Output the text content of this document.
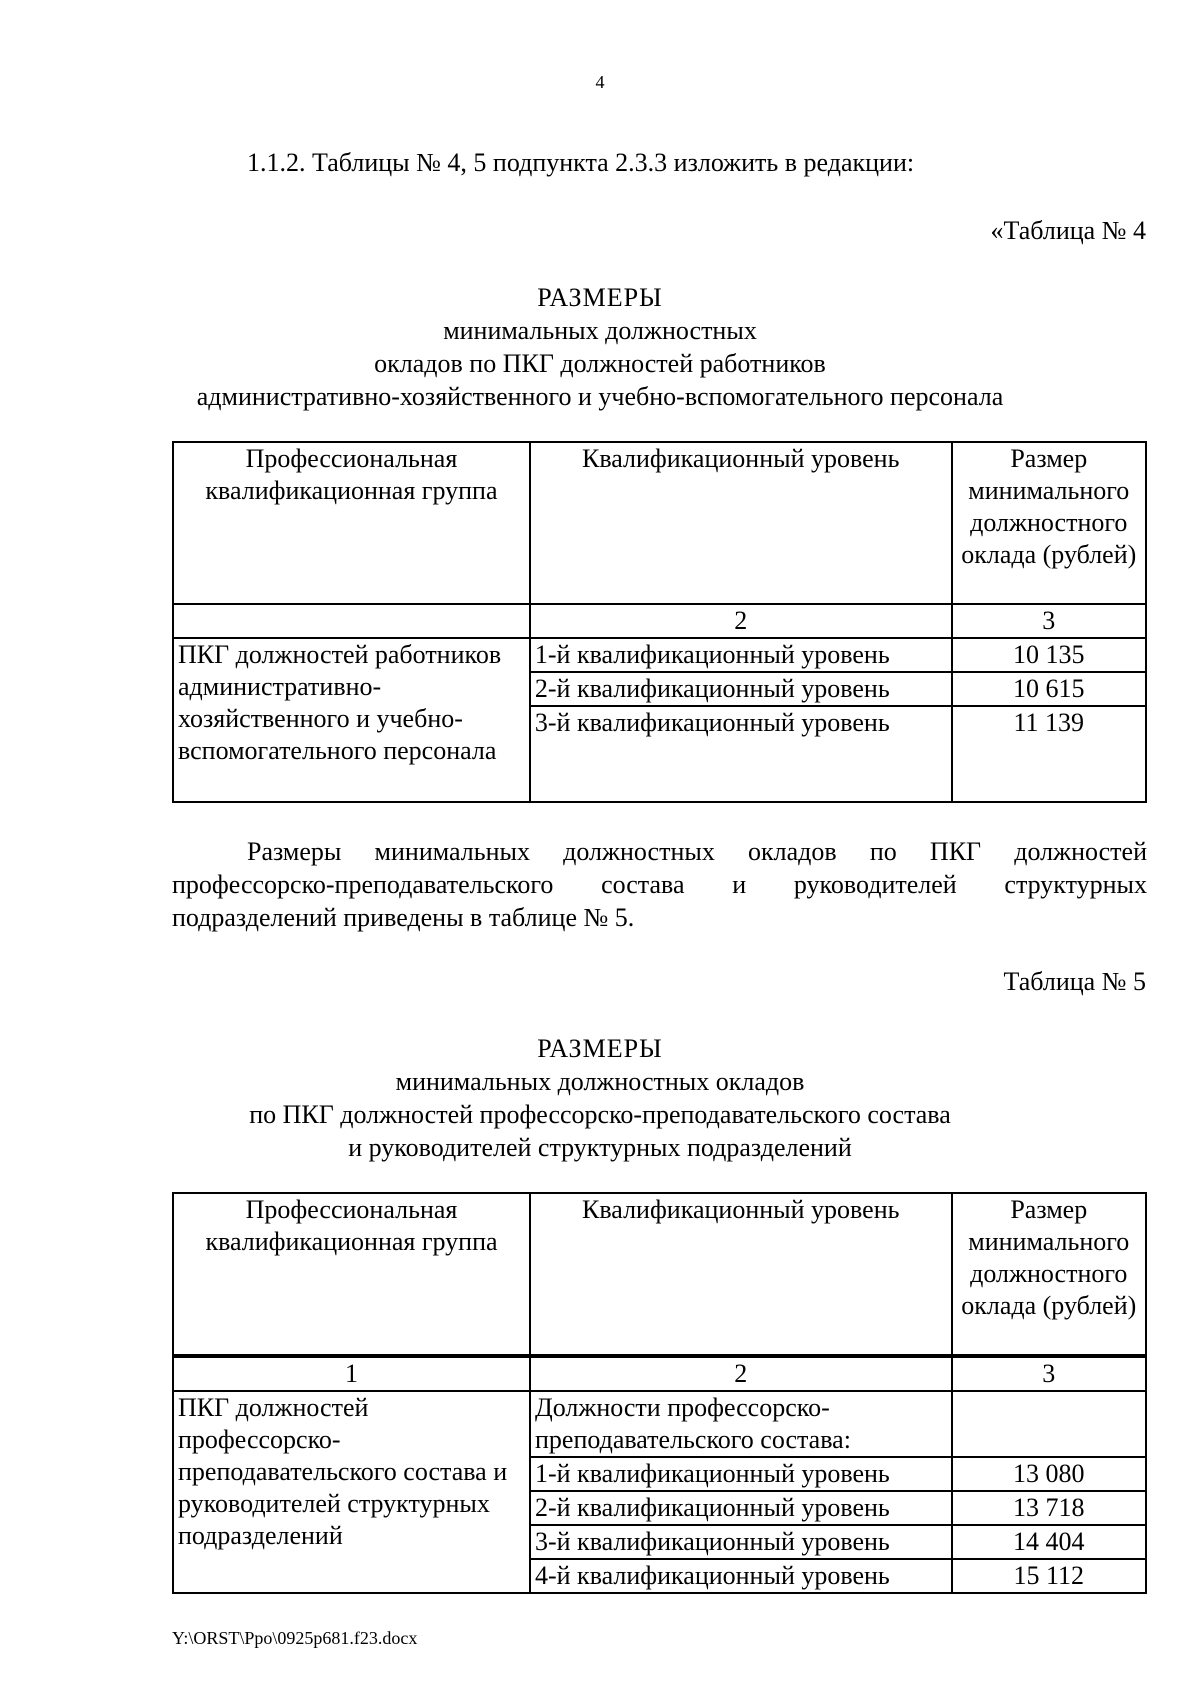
4
1.1.2. Таблицы № 4, 5 подпункта 2.3.3 изложить в редакции:
«Таблица № 4
РАЗМЕРЫ
минимальных должностных
окладов по ПКГ должностей работников
административно-хозяйственного и учебно-вспомогательного персонала
Профессиональная квалификационная группа	Квалификационный уровень	Размер минимального должностного оклада (рублей)
	2	3
ПКГ должностей работников административно-хозяйственного и учебно-вспомогательного персонала	1-й квалификационный уровень	10 135
	2-й квалификационный уровень	10 615
	3-й квалификационный уровень	11 139
Размеры минимальных должностных окладов по ПКГ должностей профессорско-преподавательского состава и руководителей структурных подразделений приведены в таблице № 5.
Таблица № 5
РАЗМЕРЫ
минимальных должностных окладов
по ПКГ должностей профессорско-преподавательского состава
и руководителей структурных подразделений
Профессиональная квалификационная группа	Квалификационный уровень	Размер минимального должностного оклада (рублей)
1	2	3
ПКГ должностей профессорско-преподавательского состава и руководителей структурных подразделений	Должности профессорско-преподавательского состава:	
	1-й квалификационный уровень	13 080
	2-й квалификационный уровень	13 718
	3-й квалификационный уровень	14 404
	4-й квалификационный уровень	15 112
Y:\ORST\Ppo\0925p681.f23.docx
